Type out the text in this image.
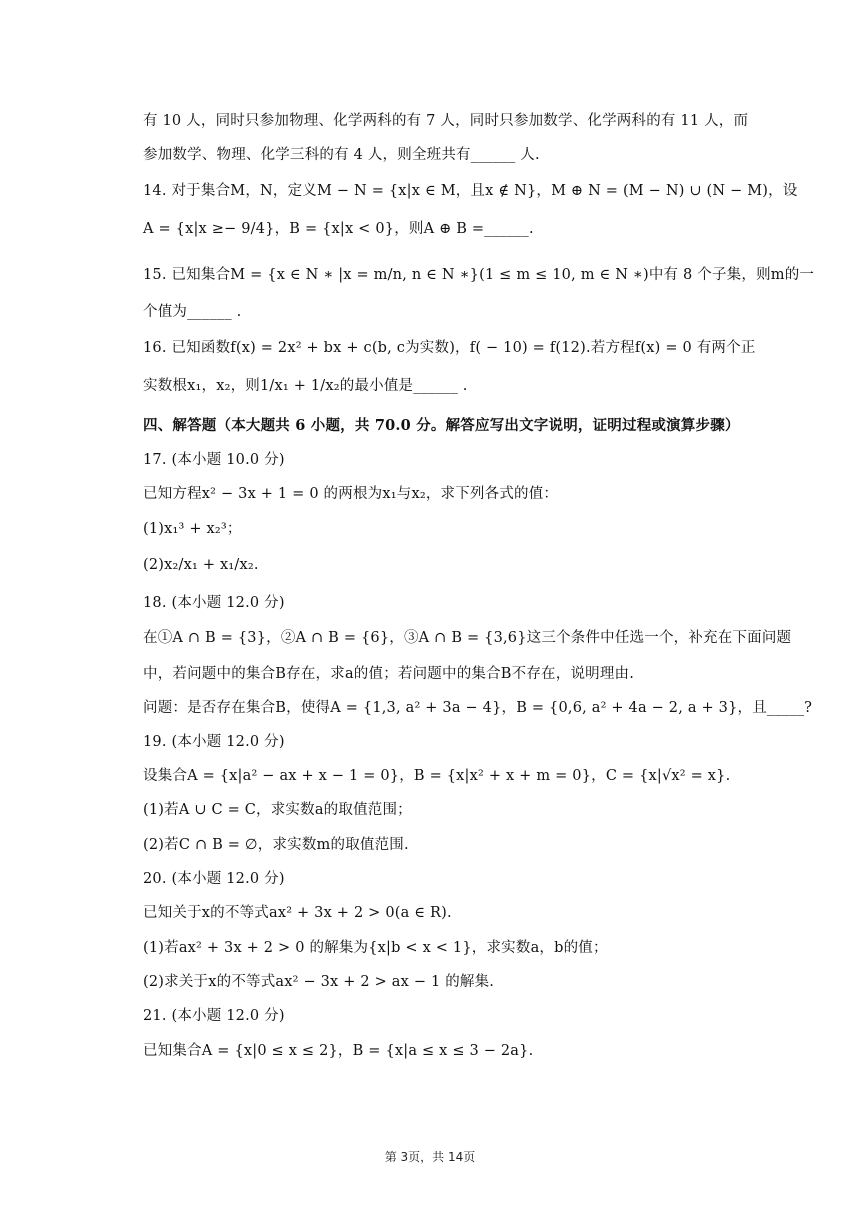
有 10 人，同时只参加物理、化学两科的有 7 人，同时只参加数学、化学两科的有 11 人，而
参加数学、物理、化学三科的有 4 人，则全班共有______ 人.
14. 对于集合M，N，定义M − N = {x|x ∈ M，且x ∉ N}，M ⊕ N = (M − N) ∪ (N − M)，设
A = {x|x ≥− 9/4}，B = {x|x < 0}，则A ⊕ B =______.
15. 已知集合M = {x ∈ N ∗ |x = m/n, n ∈ N ∗}(1 ≤ m ≤ 10, m ∈ N ∗)中有 8 个子集，则m的一
个值为______ .
16. 已知函数f(x) = 2x² + bx + c(b, c为实数)，f( − 10) = f(12).若方程f(x) = 0 有两个正
实数根x₁，x₂，则1/x₁ + 1/x₂的最小值是______ .
四、解答题（本大题共 6 小题，共 70.0 分。解答应写出文字说明，证明过程或演算步骤）
17. (本小题 10.0 分)
已知方程x² − 3x + 1 = 0 的两根为x₁与x₂，求下列各式的值：
(1)x₁³ + x₂³；
(2)x₂/x₁ + x₁/x₂.
18. (本小题 12.0 分)
在①A ∩ B = {3}，②A ∩ B = {6}，③A ∩ B = {3,6}这三个条件中任选一个，补充在下面问题
中，若问题中的集合B存在，求a的值；若问题中的集合B不存在，说明理由.
问题：是否存在集合B，使得A = {1,3, a² + 3a − 4}，B = {0,6, a² + 4a − 2, a + 3}，且_____?
19. (本小题 12.0 分)
设集合A = {x|a² − ax + x − 1 = 0}，B = {x|x² + x + m = 0}，C = {x|√x² = x}.
(1)若A ∪ C = C，求实数a的取值范围；
(2)若C ∩ B = ∅，求实数m的取值范围.
20. (本小题 12.0 分)
已知关于x的不等式ax² + 3x + 2 > 0(a ∈ R).
(1)若ax² + 3x + 2 > 0 的解集为{x|b < x < 1}，求实数a，b的值；
(2)求关于x的不等式ax² − 3x + 2 > ax − 1 的解集.
21. (本小题 12.0 分)
已知集合A = {x|0 ≤ x ≤ 2}，B = {x|a ≤ x ≤ 3 − 2a}.
第 3页，共 14页
